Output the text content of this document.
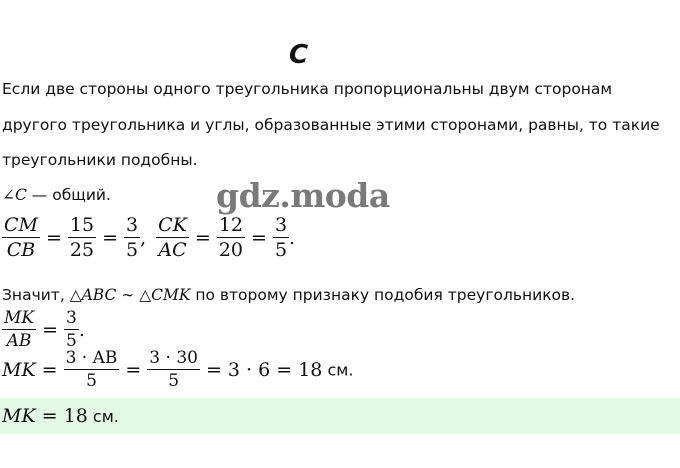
C
Если две стороны одного треугольника пропорциональны двум сторонам
другого треугольника и углы, образованные этими сторонами, равны, то такие
треугольники подобны.
∠C — общий.	gdz.moda
$\frac{CM}{CB} = \frac{15}{25} = \frac{3}{5}$ , $\frac{CK}{AC} = \frac{12}{20} = \frac{3}{5}$ .
Значит, △ABC ∼ △CMK по второму признаку подобия треугольников.
$\frac{MK}{AB} = \frac{3}{5}$ .
MK = $\frac{3 \cdot AB}{5} = \frac{3 \cdot 30}{5} = 3 \cdot 6 = 18$ см.
MK = 18 см.
